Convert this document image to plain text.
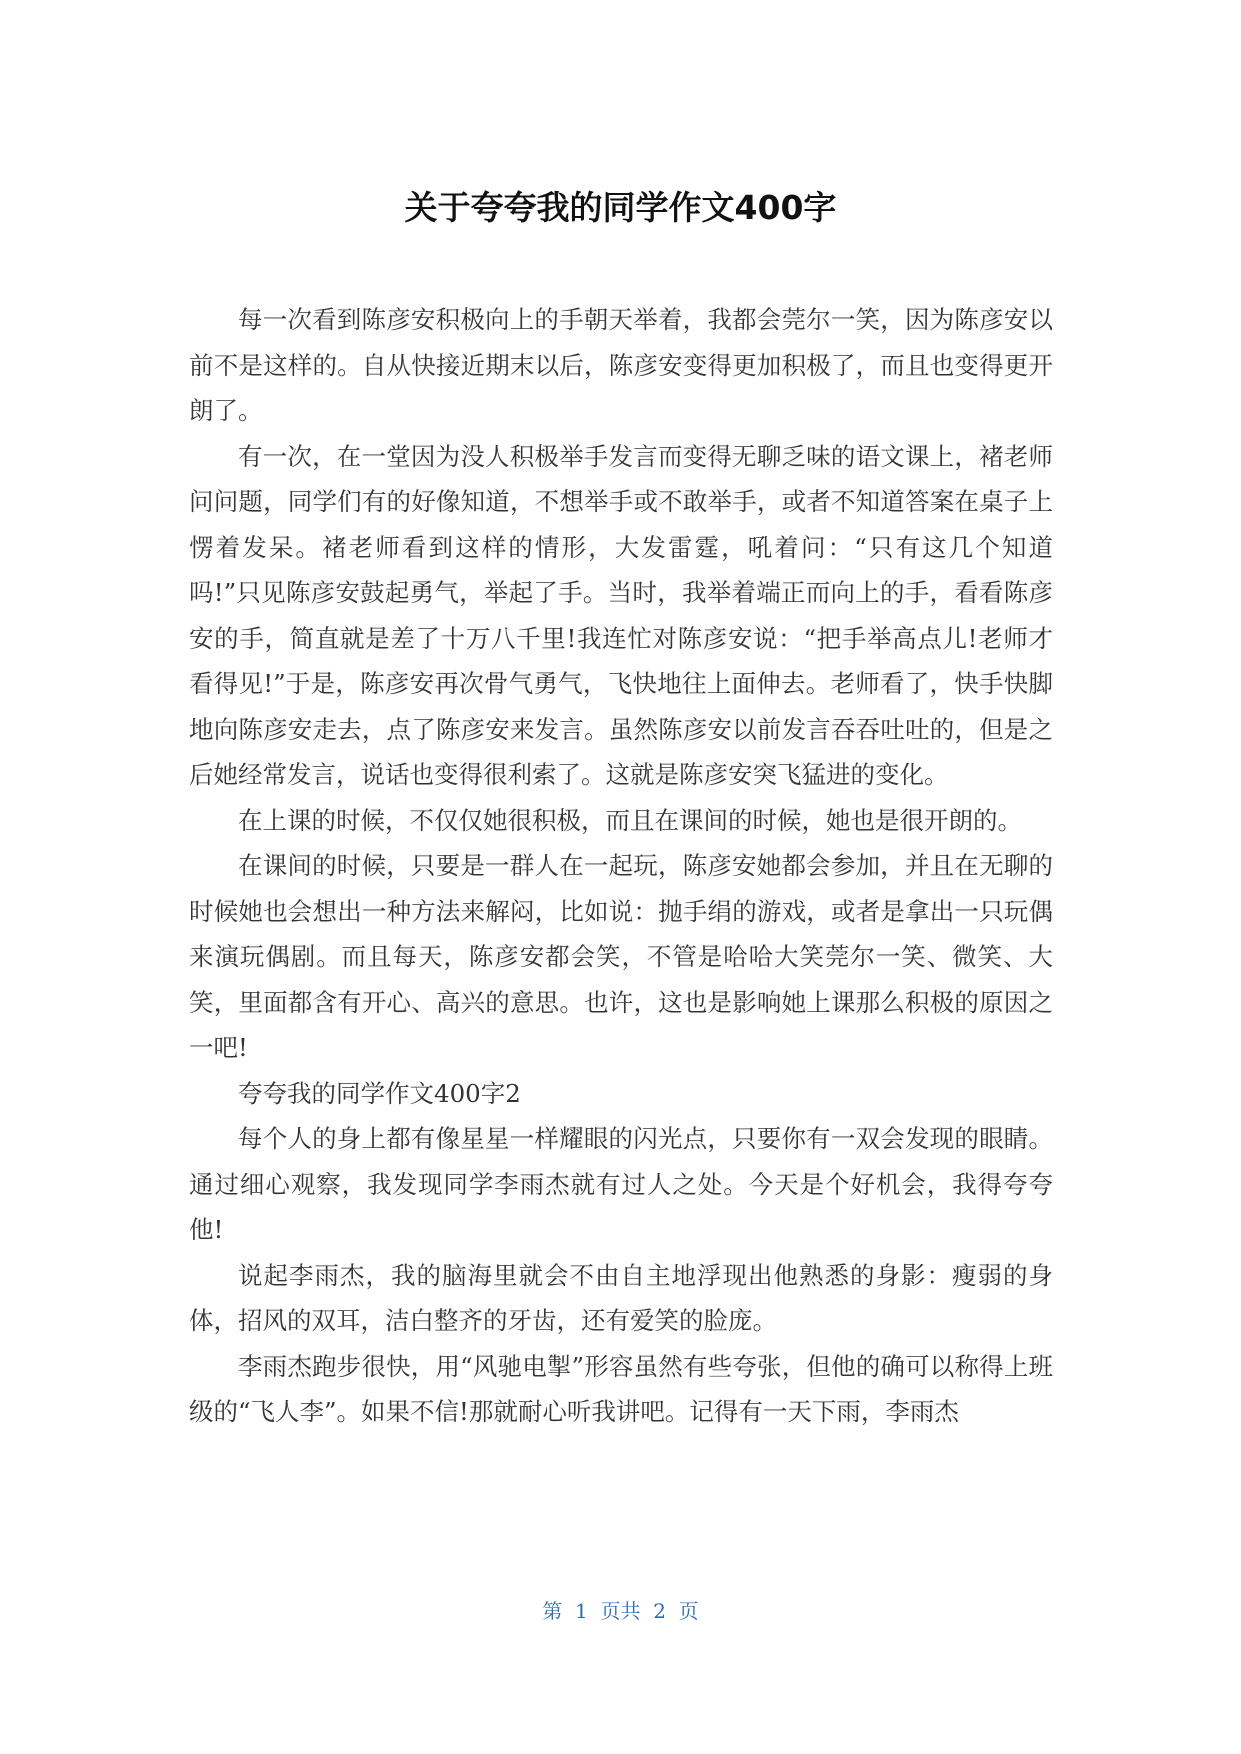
关于夸夸我的同学作文400字

每一次看到陈彦安积极向上的手朝天举着，我都会莞尔一笑，因为陈彦安以前不是这样的。自从快接近期末以后，陈彦安变得更加积极了，而且也变得更开朗了。

有一次，在一堂因为没人积极举手发言而变得无聊乏味的语文课上，褚老师问问题，同学们有的好像知道，不想举手或不敢举手，或者不知道答案在桌子上愣着发呆。褚老师看到这样的情形，大发雷霆，吼着问：“只有这几个知道吗!”只见陈彦安鼓起勇气，举起了手。当时，我举着端正而向上的手，看看陈彦安的手，简直就是差了十万八千里!我连忙对陈彦安说：“把手举高点儿!老师才看得见!”于是，陈彦安再次骨气勇气，飞快地往上面伸去。老师看了，快手快脚地向陈彦安走去，点了陈彦安来发言。虽然陈彦安以前发言吞吞吐吐的，但是之后她经常发言，说话也变得很利索了。这就是陈彦安突飞猛进的变化。

在上课的时候，不仅仅她很积极，而且在课间的时候，她也是很开朗的。

在课间的时候，只要是一群人在一起玩，陈彦安她都会参加，并且在无聊的时候她也会想出一种方法来解闷，比如说：抛手绢的游戏，或者是拿出一只玩偶来演玩偶剧。而且每天，陈彦安都会笑，不管是哈哈大笑莞尔一笑、微笑、大笑，里面都含有开心、高兴的意思。也许，这也是影响她上课那么积极的原因之一吧!

夸夸我的同学作文400字2

每个人的身上都有像星星一样耀眼的闪光点，只要你有一双会发现的眼睛。通过细心观察，我发现同学李雨杰就有过人之处。今天是个好机会，我得夸夸他!

说起李雨杰，我的脑海里就会不由自主地浮现出他熟悉的身影：瘦弱的身体，招风的双耳，洁白整齐的牙齿，还有爱笑的脸庞。

李雨杰跑步很快，用“风驰电掣”形容虽然有些夸张，但他的确可以称得上班级的“飞人李”。如果不信!那就耐心听我讲吧。记得有一天下雨，李雨杰

第  1  页共  2  页
